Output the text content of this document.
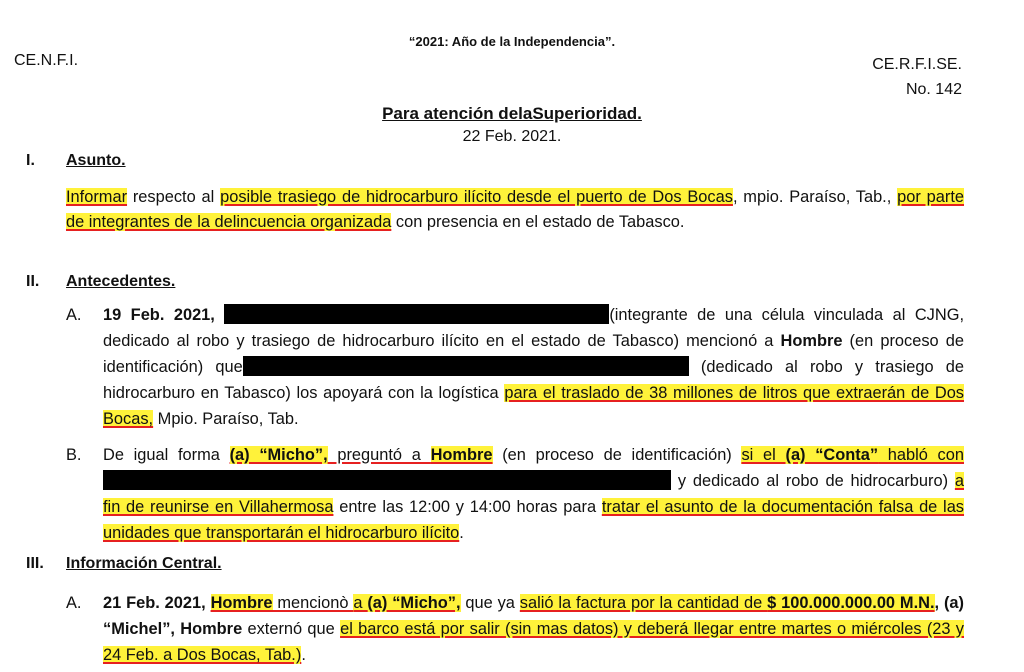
“2021: Año de la Independencia”.
CE.N.F.I.	CE.R.F.I.SE.
No. 142
Para atención delaSuperioridad.
22 Feb. 2021.
I. Asunto.
Informar respecto al posible trasiego de hidrocarburo ilícito desde el puerto de Dos Bocas, mpio. Paraíso, Tab., por parte de integrantes de la delincuencia organizada con presencia en el estado de Tabasco.
II. Antecedentes.
A. 19 Feb. 2021,	(integrante de una célula vinculada al CJNG, dedicado al robo y trasiego de hidrocarburo ilícito en el estado de Tabasco) mencionó a Hombre (en proceso de identificación) que	(dedicado al robo y trasiego de hidrocarburo en Tabasco) los apoyará con la logística para el traslado de 38 millones de litros que extraerán de Dos Bocas, Mpio. Paraíso, Tab.
B. De igual forma (a) “Micho”, preguntó a Hombre (en proceso de identificación) si el (a) “Conta” habló con y dedicado al robo de hidrocarburo) a fin de reunirse en Villahermosa entre las 12:00 y 14:00 horas para tratar el asunto de la documentación falsa de las unidades que transportarán el hidrocarburo ilícito.
III. Información Central.
A. 21 Feb. 2021, Hombre mencionò a (a) “Micho”, que ya salió la factura por la cantidad de $ 100.000.000.00 M.N., (a) “Michel”, Hombre externó que el barco está por salir (sin mas datos) y deberá llegar entre martes o miércoles (23 y 24 Feb. a Dos Bocas, Tab.).
